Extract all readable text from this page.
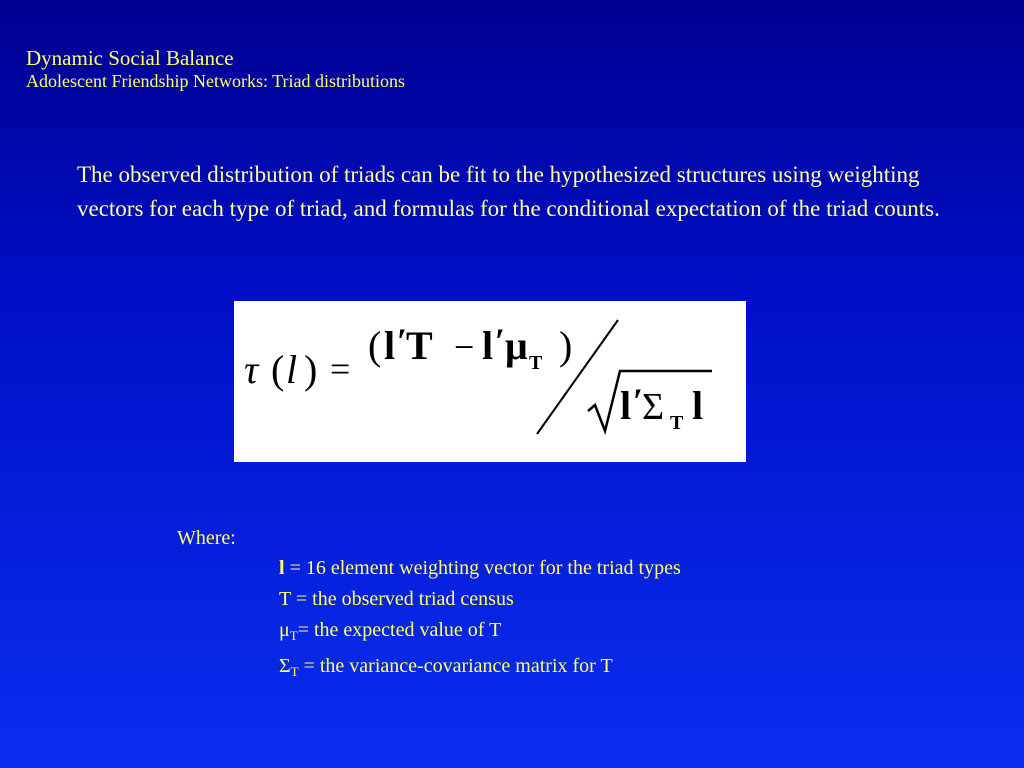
Dynamic Social Balance
Adolescent Friendship Networks: Triad distributions
The observed distribution of triads can be fit to the hypothesized structures using weighting vectors for each type of triad, and formulas for the conditional expectation of the triad counts.
τ ( l ) =
( l ′
T − l ′ μ T )
l ′
Σ T l
Where:
l = 16 element weighting vector for the triad types
T = the observed triad census
$\mu_T=$ the expected value of T
$\Sigma_T$ = the variance-covariance matrix for T
